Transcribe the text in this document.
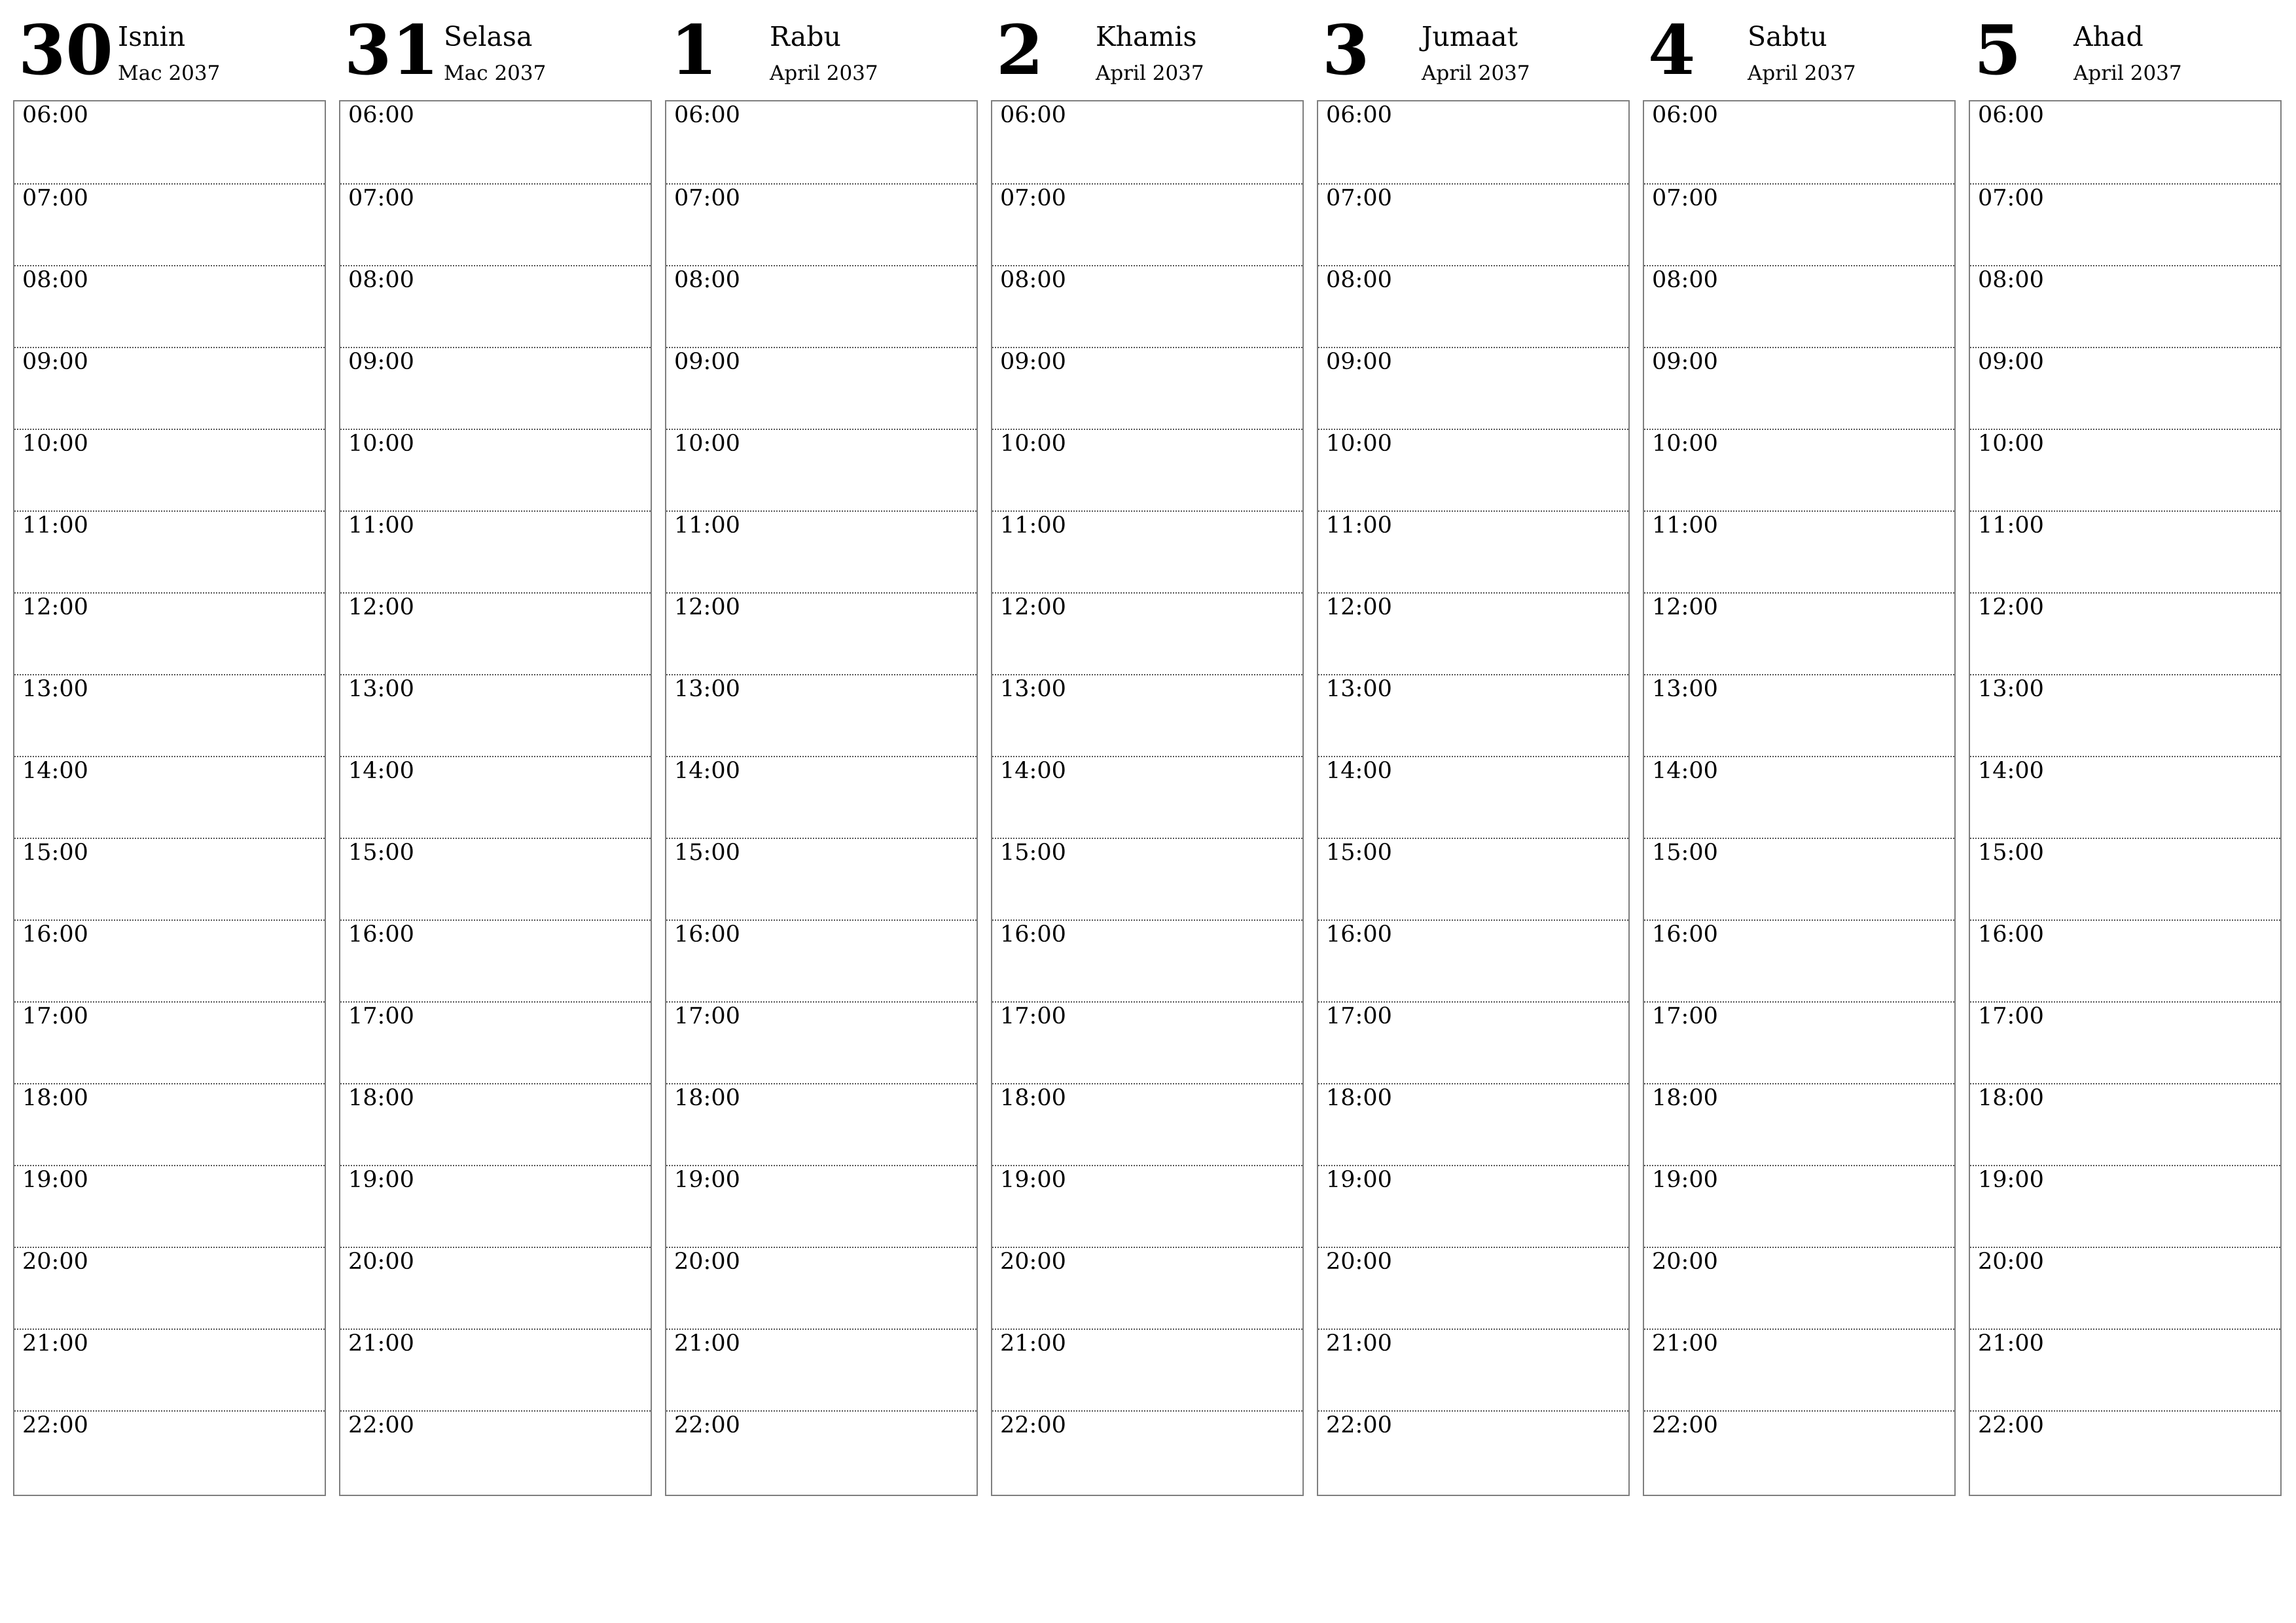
30 Isnin
Mac 2037
06:00
07:00
08:00
09:00
10:00
11:00
12:00
13:00
14:00
15:00
16:00
17:00
18:00
19:00
20:00
21:00
22:00
31 Selasa
Mac 2037
06:00
07:00
08:00
09:00
10:00
11:00
12:00
13:00
14:00
15:00
16:00
17:00
18:00
19:00
20:00
21:00
22:00
1 Rabu
April 2037
06:00
07:00
08:00
09:00
10:00
11:00
12:00
13:00
14:00
15:00
16:00
17:00
18:00
19:00
20:00
21:00
22:00
2 Khamis
April 2037
06:00
07:00
08:00
09:00
10:00
11:00
12:00
13:00
14:00
15:00
16:00
17:00
18:00
19:00
20:00
21:00
22:00
3 Jumaat
April 2037
06:00
07:00
08:00
09:00
10:00
11:00
12:00
13:00
14:00
15:00
16:00
17:00
18:00
19:00
20:00
21:00
22:00
4 Sabtu
April 2037
06:00
07:00
08:00
09:00
10:00
11:00
12:00
13:00
14:00
15:00
16:00
17:00
18:00
19:00
20:00
21:00
22:00
5 Ahad
April 2037
06:00
07:00
08:00
09:00
10:00
11:00
12:00
13:00
14:00
15:00
16:00
17:00
18:00
19:00
20:00
21:00
22:00
